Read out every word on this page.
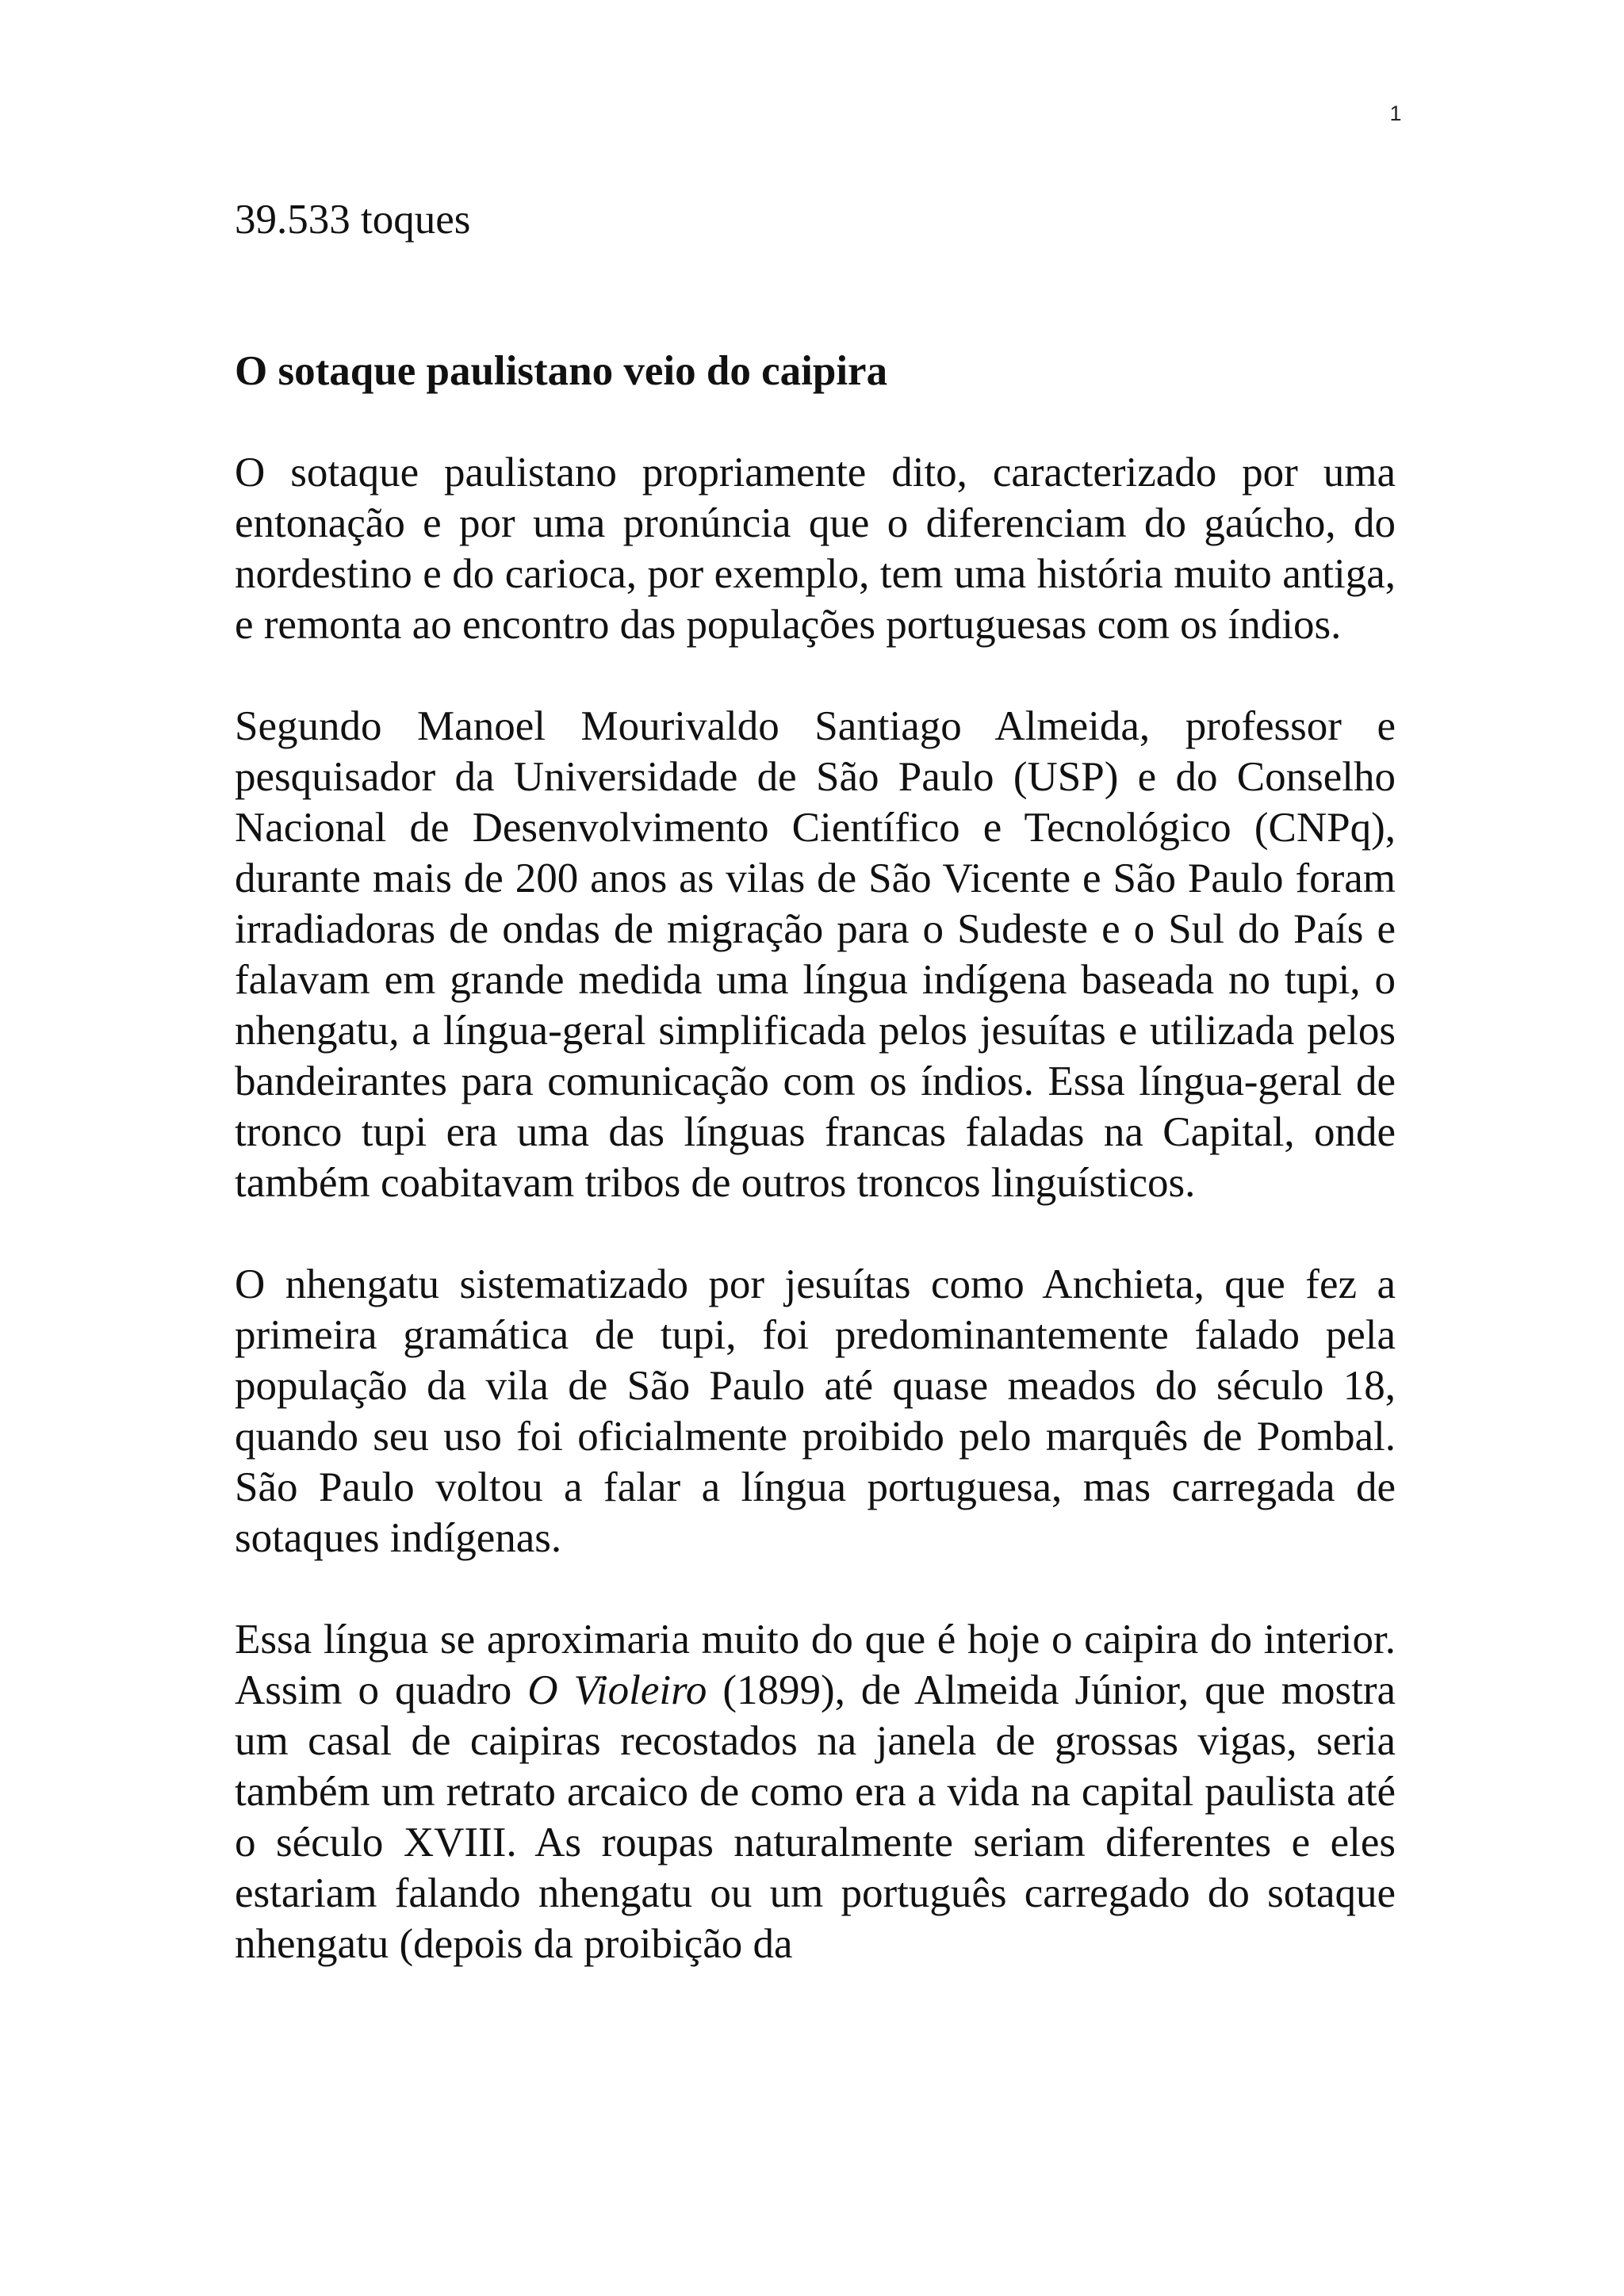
1

39.533 toques

O sotaque paulistano veio do caipira

O sotaque paulistano propriamente dito, caracterizado por uma entonação e por uma pronúncia que o diferenciam do gaúcho, do nordestino e do carioca, por exemplo, tem uma história muito antiga, e remonta ao encontro das populações portuguesas com os índios.

Segundo Manoel Mourivaldo Santiago Almeida, professor e pesquisador da Universidade de São Paulo (USP) e do Conselho Nacional de Desenvolvimento Científico e Tecnológico (CNPq), durante mais de 200 anos as vilas de São Vicente e São Paulo foram irradiadoras de ondas de migração para o Sudeste e o Sul do País e falavam em grande medida uma língua indígena baseada no tupi, o nhengatu, a língua-geral simplificada pelos jesuítas e utilizada pelos bandeirantes para comunicação com os índios. Essa língua-geral de tronco tupi era uma das línguas francas faladas na Capital, onde também coabitavam tribos de outros troncos linguísticos.

O nhengatu sistematizado por jesuítas como Anchieta, que fez a primeira gramática de tupi, foi predominantemente falado pela população da vila de São Paulo até quase meados do século 18, quando seu uso foi oficialmente proibido pelo marquês de Pombal. São Paulo voltou a falar a língua portuguesa, mas carregada de sotaques indígenas.

Essa língua se aproximaria muito do que é hoje o caipira do interior. Assim o quadro O Violeiro (1899), de Almeida Júnior, que mostra um casal de caipiras recostados na janela de grossas vigas, seria também um retrato arcaico de como era a vida na capital paulista até o século XVIII. As roupas naturalmente seriam diferentes e eles estariam falando nhengatu ou um português carregado do sotaque nhengatu (depois da proibição da
